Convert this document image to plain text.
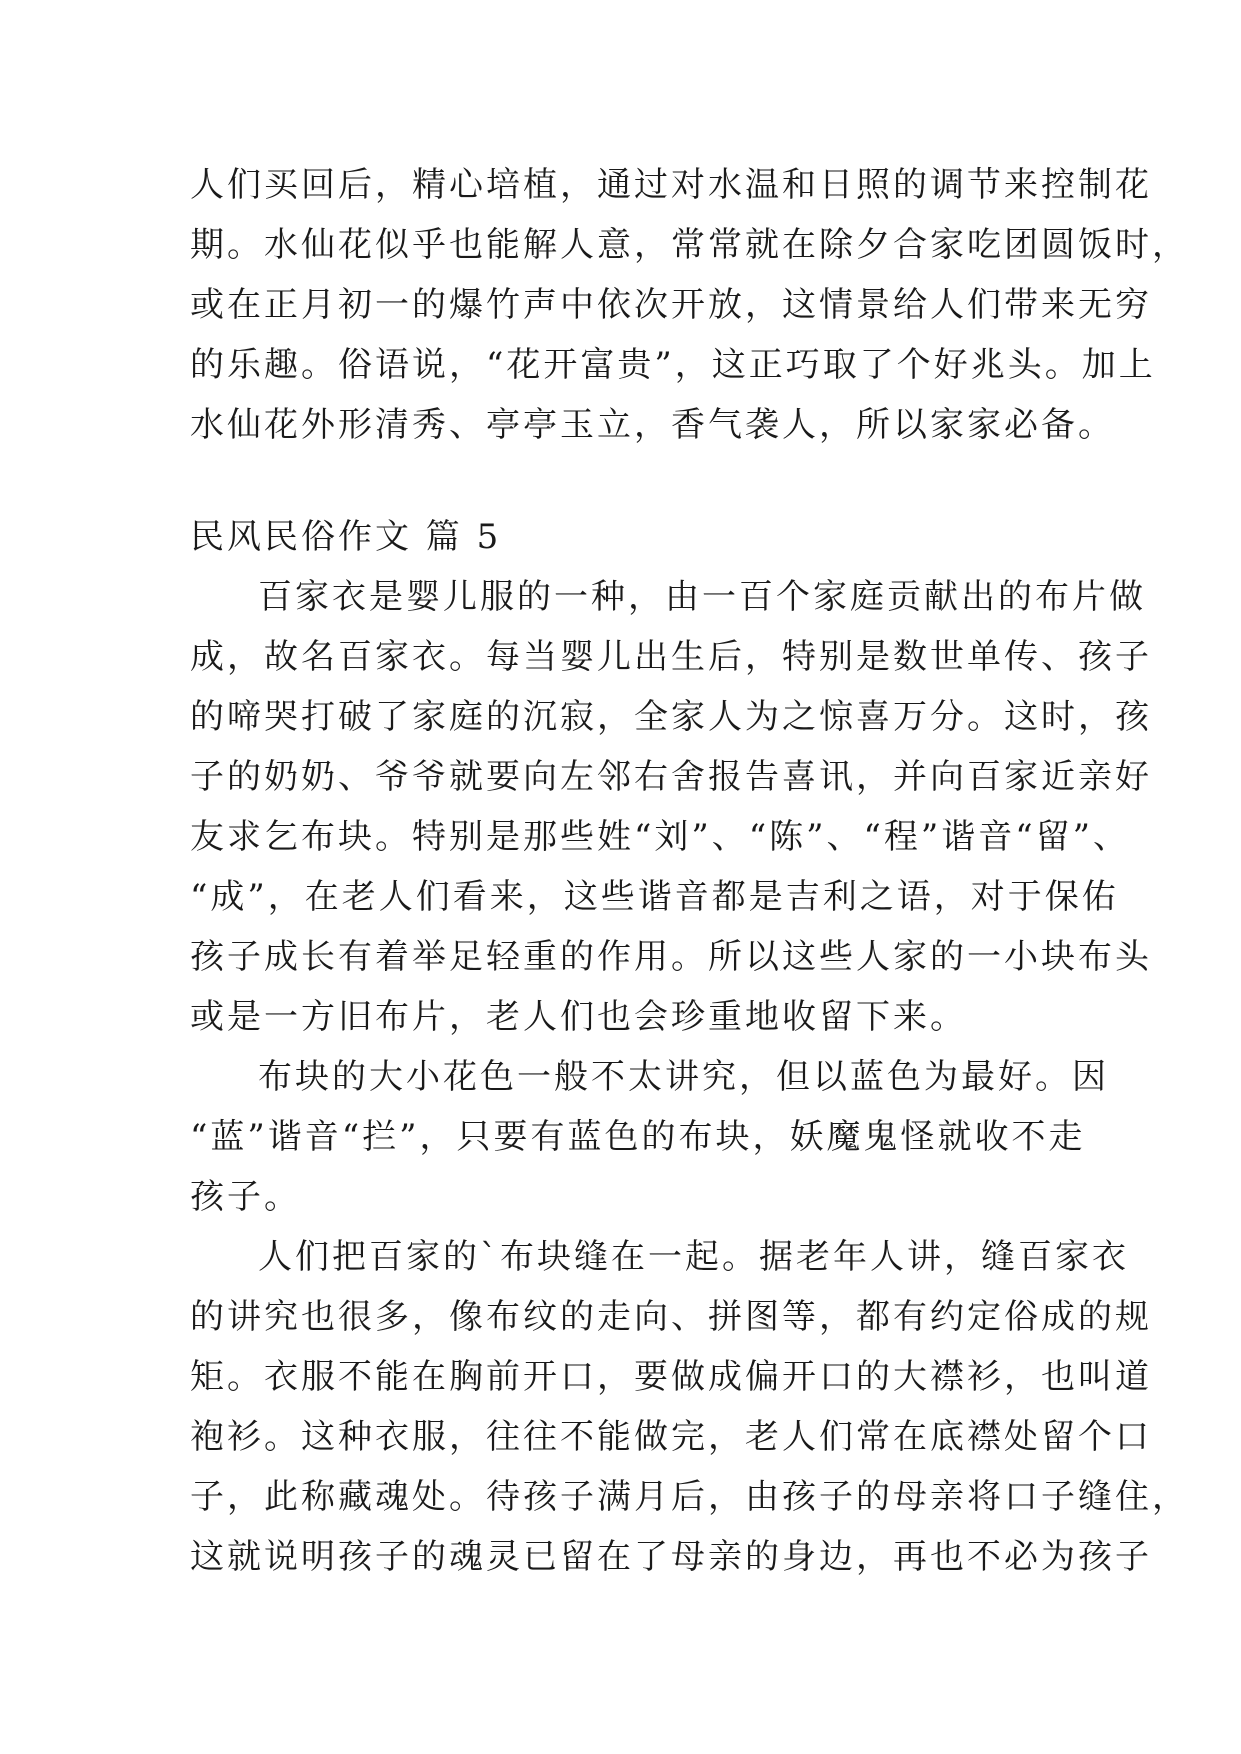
人们买回后，精心培植，通过对水温和日照的调节来控制花
期。水仙花似乎也能解人意，常常就在除夕合家吃团圆饭时，
或在正月初一的爆竹声中依次开放，这情景给人们带来无穷
的乐趣。俗语说，“花开富贵”，这正巧取了个好兆头。加上
水仙花外形清秀、亭亭玉立，香气袭人，所以家家必备。
民风民俗作文 篇 5
百家衣是婴儿服的一种，由一百个家庭贡献出的布片做
成，故名百家衣。每当婴儿出生后，特别是数世单传、孩子
的啼哭打破了家庭的沉寂，全家人为之惊喜万分。这时，孩
子的奶奶、爷爷就要向左邻右舍报告喜讯，并向百家近亲好
友求乞布块。特别是那些姓“刘”、“陈”、“程”谐音“留”、
“成”，在老人们看来，这些谐音都是吉利之语，对于保佑
孩子成长有着举足轻重的作用。所以这些人家的一小块布头
或是一方旧布片，老人们也会珍重地收留下来。
布块的大小花色一般不太讲究，但以蓝色为最好。因
“蓝”谐音“拦”，只要有蓝色的布块，妖魔鬼怪就收不走
孩子。
人们把百家的`布块缝在一起。据老年人讲，缝百家衣
的讲究也很多，像布纹的走向、拼图等，都有约定俗成的规
矩。衣服不能在胸前开口，要做成偏开口的大襟衫，也叫道
袍衫。这种衣服，往往不能做完，老人们常在底襟处留个口
子，此称藏魂处。待孩子满月后，由孩子的母亲将口子缝住，
这就说明孩子的魂灵已留在了母亲的身边，再也不必为孩子
